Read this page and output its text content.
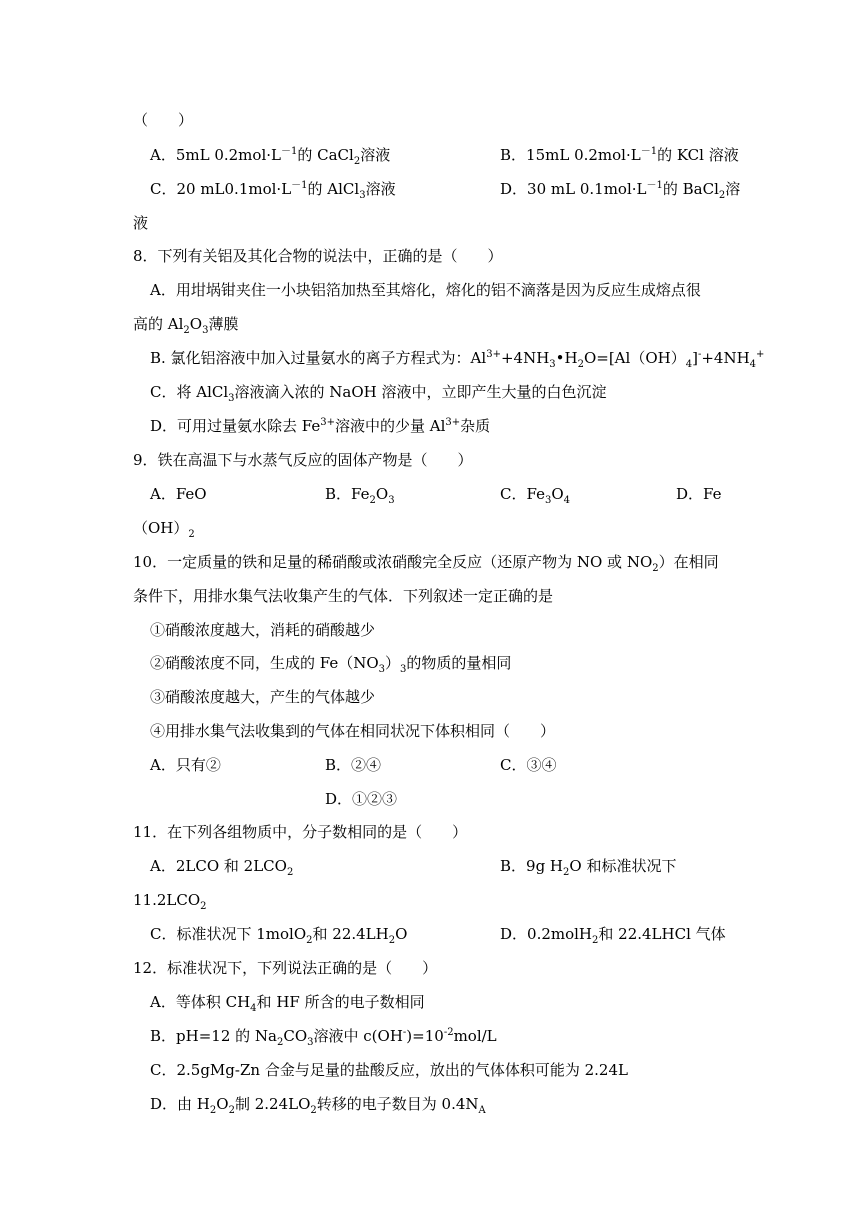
（　　）
A．5mL $0.2mol\cdot L^{-1}$的 CaCl$_2$溶液	B．15mL $0.2mol\cdot L^{-1}$的 KCl 溶液
C．20 $mL0.1mol\cdot L^{-1}$的 AlCl$_3$溶液	D．30 mL $0.1mol\cdot L^{-1}$的 BaCl$_2$溶
液
8．下列有关铝及其化合物的说法中，正确的是（　　）
A．用坩埚钳夹住一小块铝箔加热至其熔化，熔化的铝不滴落是因为反应生成熔点很
高的 $Al_2O_3$薄膜
B. 氯化铝溶液中加入过量氨水的离子方程式为：$Al^{3+}+4NH_3•H_2O=[Al(OH)_4]^-+4NH_4^+$
C．将 AlCl$_3$溶液滴入浓的 NaOH 溶液中，立即产生大量的白色沉淀
D．可用过量氨水除去 $Fe^{3+}$溶液中的少量 $Al^{3+}$杂质
9．铁在高温下与水蒸气反应的固体产物是（　　）
A．FeO	B．$Fe_2O_3$	C．$Fe_3O_4$	D．Fe
$(OH)_2$
10．一定质量的铁和足量的稀硝酸或浓硝酸完全反应（还原产物为 NO 或 $NO_2$）在相同
条件下，用排水集气法收集产生的气体．下列叙述一定正确的是
①硝酸浓度越大，消耗的硝酸越少
②硝酸浓度不同，生成的 $Fe(NO_3)_3$的物质的量相同
③硝酸浓度越大，产生的气体越少
④用排水集气法收集到的气体在相同状况下体积相同（　　）
A．只有②	B．②④	C．③④
D．①②③
11．在下列各组物质中，分子数相同的是（　　）
A．2LCO 和 $2LCO_2$	B．9g $H_2O$ 和标准状况下
$11.2LCO_2$
C．标准状况下 1molO$_2$和 $22.4LH_2O$	D．0.2molH$_2$和 22.4LHCl 气体
12．标准状况下，下列说法正确的是（　　）
A．等体积 $CH_4$和 HF 所含的电子数相同
B．pH=12 的 $Na_2CO_3$溶液中 $c(OH^-)=10^{-2}mol/L$
C．2.5gMg-Zn 合金与足量的盐酸反应，放出的气体体积可能为 2.24L
D．由 $H_2O_2$制 $2.24LO_2$转移的电子数目为 $0.4N_A$
